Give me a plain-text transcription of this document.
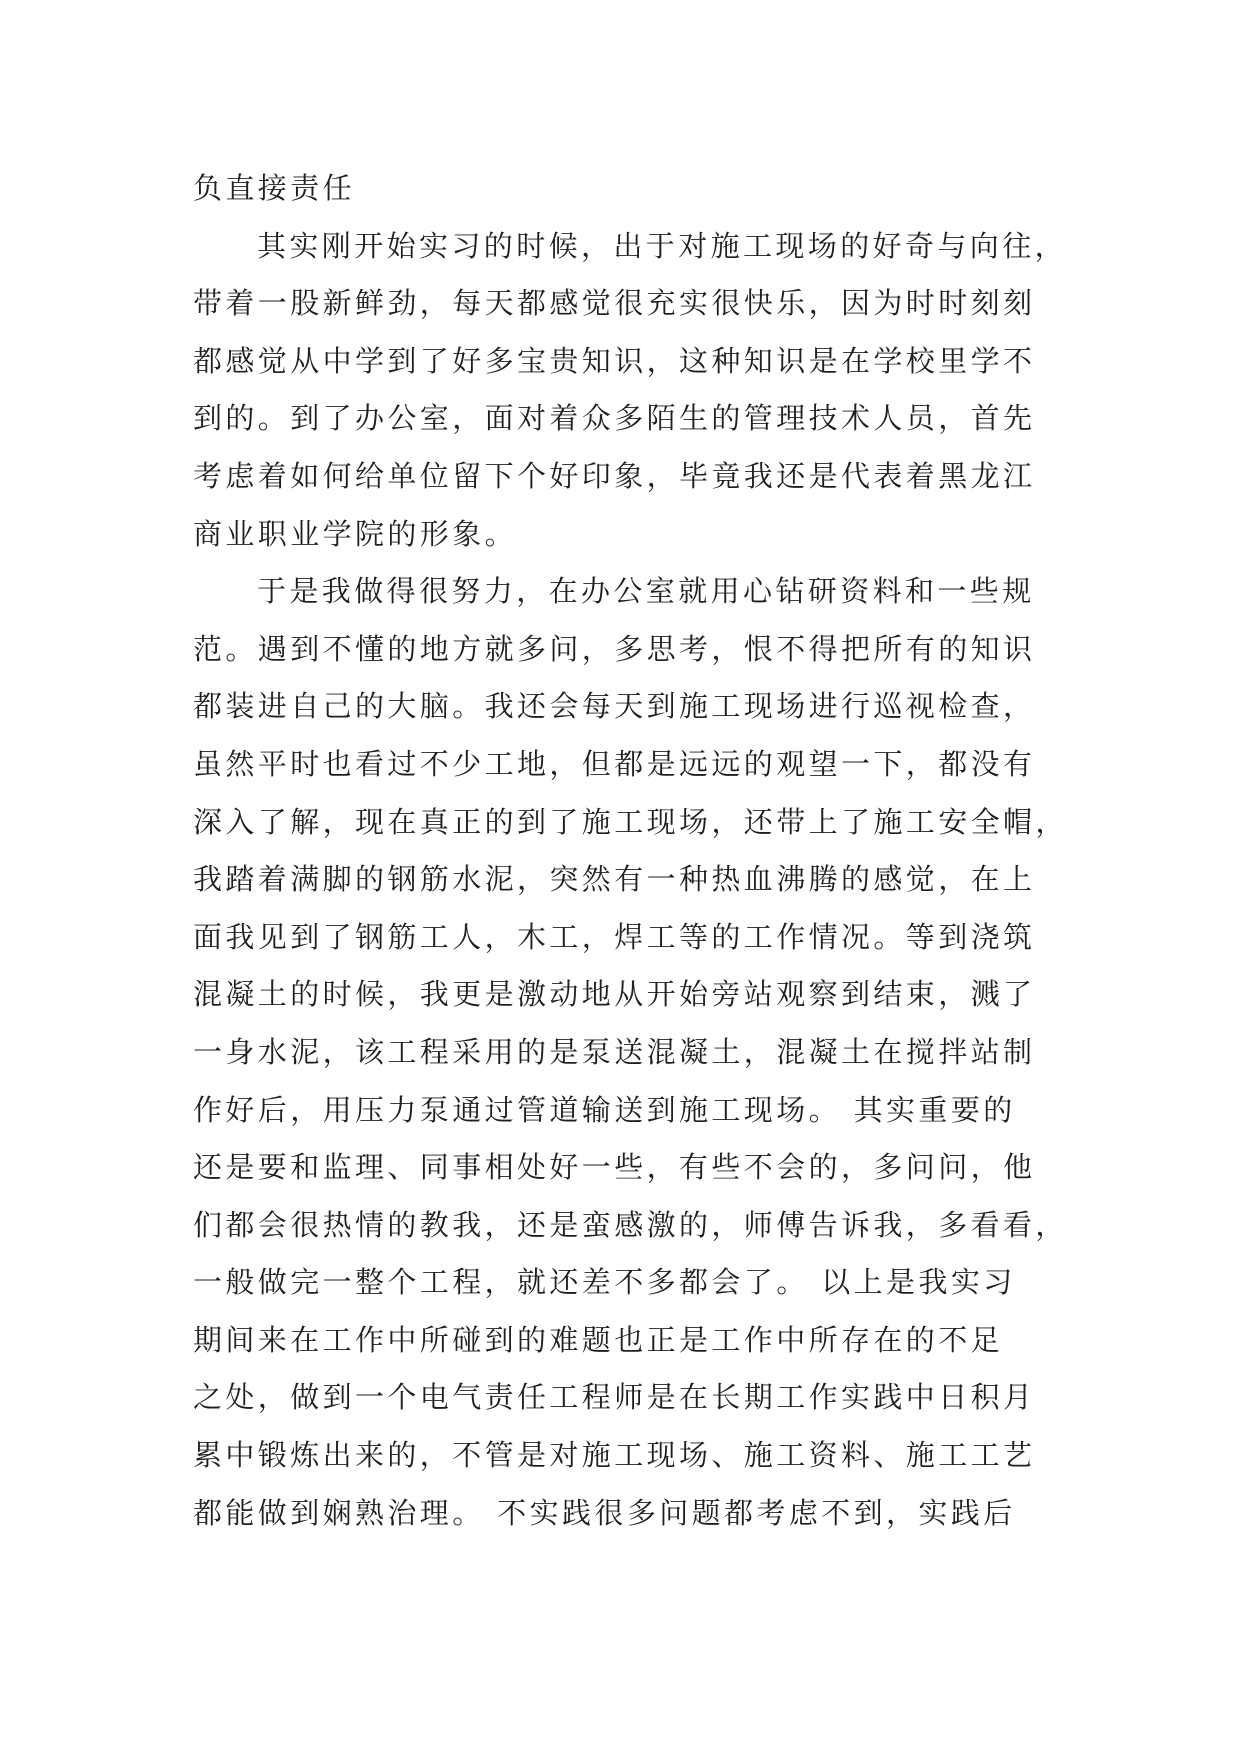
负直接责任
其实刚开始实习的时候，出于对施工现场的好奇与向往，
带着一股新鲜劲，每天都感觉很充实很快乐，因为时时刻刻
都感觉从中学到了好多宝贵知识，这种知识是在学校里学不
到的。到了办公室，面对着众多陌生的管理技术人员，首先
考虑着如何给单位留下个好印象，毕竟我还是代表着黑龙江
商业职业学院的形象。
于是我做得很努力，在办公室就用心钻研资料和一些规
范。遇到不懂的地方就多问，多思考，恨不得把所有的知识
都装进自己的大脑。我还会每天到施工现场进行巡视检查，
虽然平时也看过不少工地，但都是远远的观望一下，都没有
深入了解，现在真正的到了施工现场，还带上了施工安全帽，
我踏着满脚的钢筋水泥，突然有一种热血沸腾的感觉，在上
面我见到了钢筋工人，木工，焊工等的工作情况。等到浇筑
混凝土的时候，我更是激动地从开始旁站观察到结束，溅了
一身水泥，该工程采用的是泵送混凝土，混凝土在搅拌站制
作好后，用压力泵通过管道输送到施工现场。 其实重要的
还是要和监理、同事相处好一些，有些不会的，多问问，他
们都会很热情的教我，还是蛮感激的，师傅告诉我，多看看，
一般做完一整个工程，就还差不多都会了。 以上是我实习
期间来在工作中所碰到的难题也正是工作中所存在的不足
之处，做到一个电气责任工程师是在长期工作实践中日积月
累中锻炼出来的，不管是对施工现场、施工资料、施工工艺
都能做到娴熟治理。 不实践很多问题都考虑不到，实践后
